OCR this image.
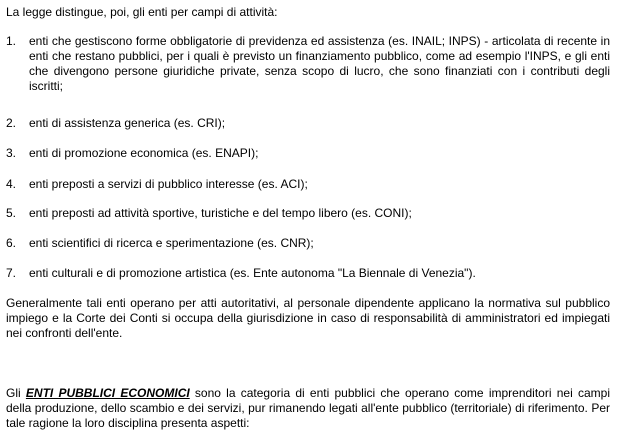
La legge distingue, poi, gli enti per campi di attività:

1. enti che gestiscono forme obbligatorie di previdenza ed assistenza (es. INAIL; INPS) - articolata di recente in enti che restano pubblici, per i quali è previsto un finanziamento pubblico, come ad esempio l'INPS, e gli enti che divengono persone giuridiche private, senza scopo di lucro, che sono finanziati con i contributi degli iscritti;
2. enti di assistenza generica (es. CRI);
3. enti di promozione economica (es. ENAPI);
4. enti preposti a servizi di pubblico interesse (es. ACI);
5. enti preposti ad attività sportive, turistiche e del tempo libero (es. CONI);
6. enti scientifici di ricerca e sperimentazione (es. CNR);
7. enti culturali e di promozione artistica (es. Ente autonoma "La Biennale di Venezia").

Generalmente tali enti operano per atti autoritativi, al personale dipendente applicano la normativa sul pubblico impiego e la Corte dei Conti si occupa della giurisdizione in caso di responsabilità di amministratori ed impiegati nei confronti dell'ente.

Gli ENTI PUBBLICI ECONOMICI sono la categoria di enti pubblici che operano come imprenditori nei campi della produzione, dello scambio e dei servizi, pur rimanendo legati all'ente pubblico (territoriale) di riferimento. Per tale ragione la loro disciplina presenta aspetti:
